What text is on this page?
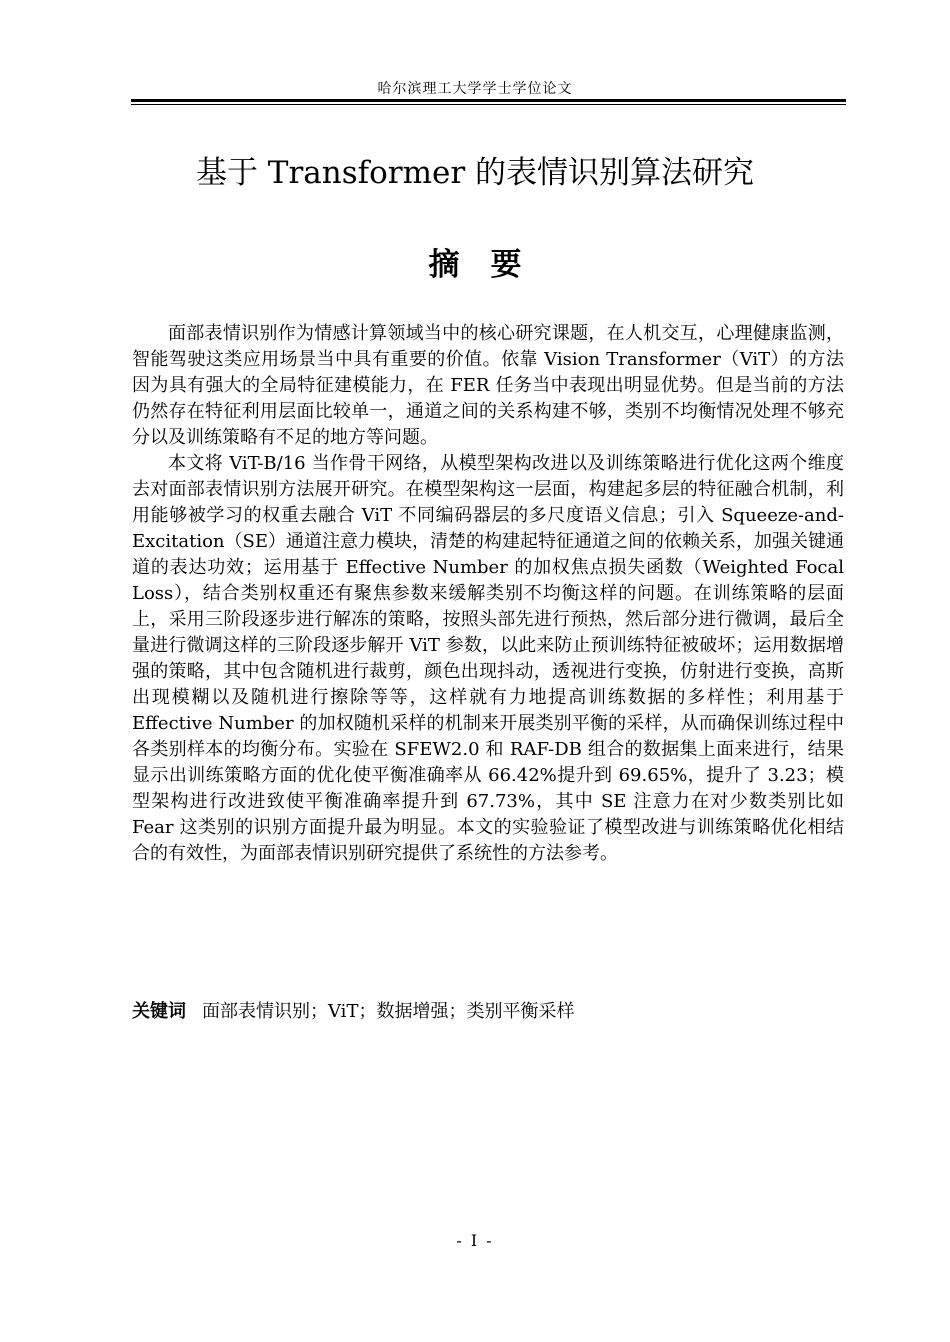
哈尔滨理工大学学士学位论文
基于 Transformer 的表情识别算法研究
摘　要

面部表情识别作为情感计算领域当中的核心研究课题，在人机交互，心理健康监测，智能驾驶这类应用场景当中具有重要的价值。依靠 Vision Transformer（ViT）的方法因为具有强大的全局特征建模能力，在 FER 任务当中表现出明显优势。但是当前的方法仍然存在特征利用层面比较单一，通道之间的关系构建不够，类别不均衡情况处理不够充分以及训练策略有不足的地方等问题。

本文将 ViT-B/16 当作骨干网络，从模型架构改进以及训练策略进行优化这两个维度去对面部表情识别方法展开研究。在模型架构这一层面，构建起多层的特征融合机制，利用能够被学习的权重去融合 ViT 不同编码器层的多尺度语义信息；引入 Squeeze-and-Excitation（SE）通道注意力模块，清楚的构建起特征通道之间的依赖关系，加强关键通道的表达功效；运用基于 Effective Number 的加权焦点损失函数（Weighted Focal Loss），结合类别权重还有聚焦参数来缓解类别不均衡这样的问题。在训练策略的层面上，采用三阶段逐步进行解冻的策略，按照头部先进行预热，然后部分进行微调，最后全量进行微调这样的三阶段逐步解开 ViT 参数，以此来防止预训练特征被破坏；运用数据增强的策略，其中包含随机进行裁剪，颜色出现抖动，透视进行变换，仿射进行变换，高斯出现模糊以及随机进行擦除等等，这样就有力地提高训练数据的多样性；利用基于 Effective Number 的加权随机采样的机制来开展类别平衡的采样，从而确保训练过程中各类别样本的均衡分布。实验在 SFEW2.0 和 RAF-DB 组合的数据集上面来进行，结果显示出训练策略方面的优化使平衡准确率从 66.42%提升到 69.65%，提升了 3.23；模型架构进行改进致使平衡准确率提升到 67.73%，其中 SE 注意力在对少数类别比如 Fear 这类别的识别方面提升最为明显。本文的实验验证了模型改进与训练策略优化相结合的有效性，为面部表情识别研究提供了系统性的方法参考。

关键词 面部表情识别；ViT；数据增强；类别平衡采样
- I -
